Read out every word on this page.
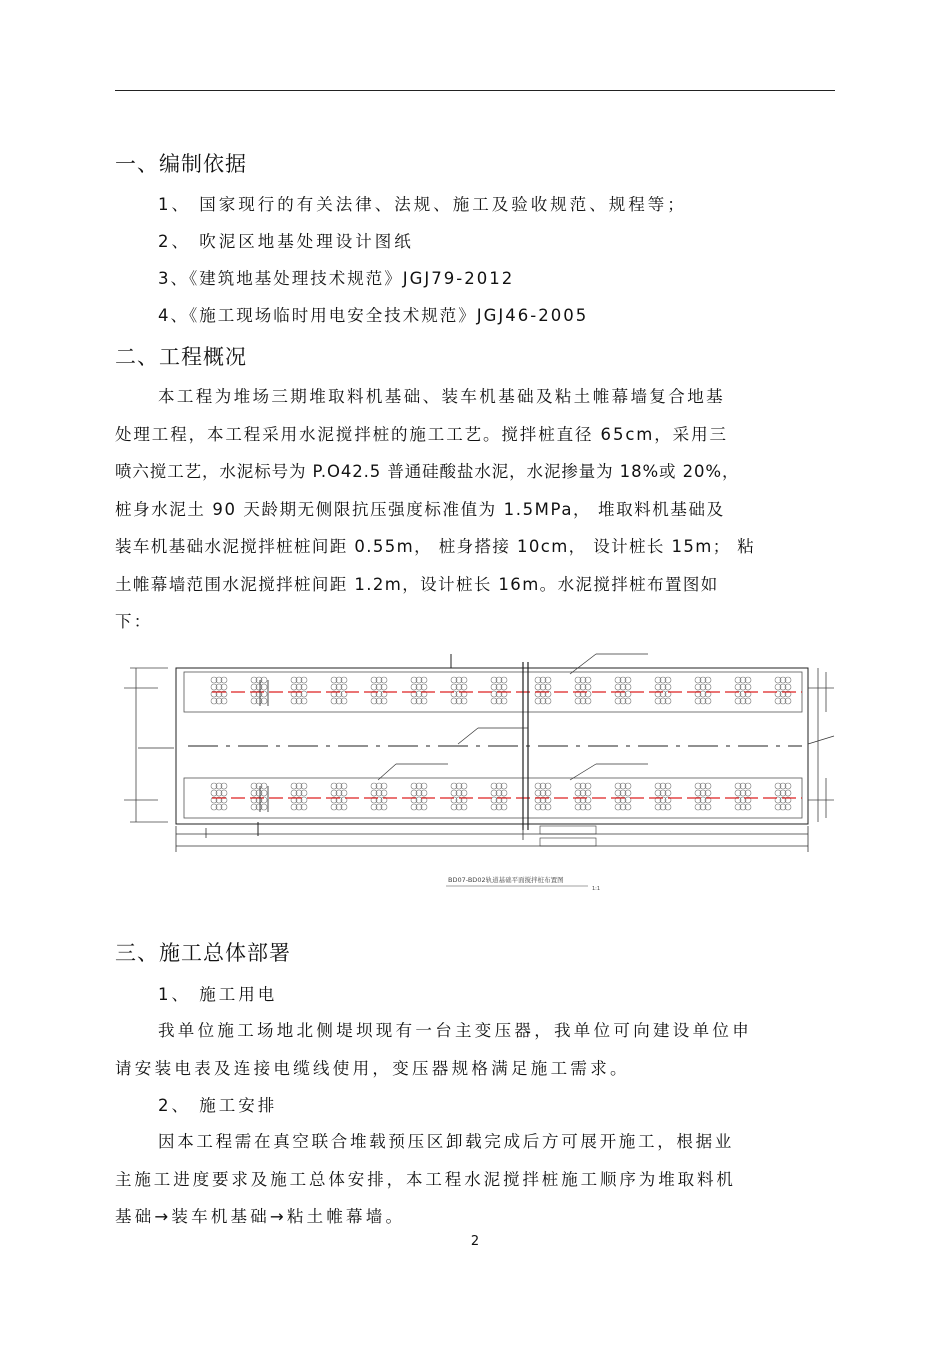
一、编制依据
1、 国家现行的有关法律、法规、施工及验收规范、规程等；
2、 吹泥区地基处理设计图纸
3、《建筑地基处理技术规范》JGJ79-2012
4、《施工现场临时用电安全技术规范》JGJ46-2005
二、工程概况
本工程为堆场三期堆取料机基础、装车机基础及粘土帷幕墙复合地基
处理工程，本工程采用水泥搅拌桩的施工工艺。搅拌桩直径 65cm，采用三
喷六搅工艺，水泥标号为 P.O42.5 普通硅酸盐水泥，水泥掺量为 18%或 20%，
桩身水泥土 90 天龄期无侧限抗压强度标准值为 1.5MPa， 堆取料机基础及
装车机基础水泥搅拌桩桩间距 0.55m， 桩身搭接 10cm， 设计桩长 15m； 粘
土帷幕墙范围水泥搅拌桩间距 1.2m，设计桩长 16m。水泥搅拌桩布置图如
下：
BD07-BD02轨道基础平面搅拌桩布置图
1:1
三、施工总体部署
1、 施工用电
我单位施工场地北侧堤坝现有一台主变压器，我单位可向建设单位申
请安装电表及连接电缆线使用，变压器规格满足施工需求。
2、 施工安排
因本工程需在真空联合堆载预压区卸载完成后方可展开施工，根据业
主施工进度要求及施工总体安排，本工程水泥搅拌桩施工顺序为堆取料机
基础→装车机基础→粘土帷幕墙。
2
